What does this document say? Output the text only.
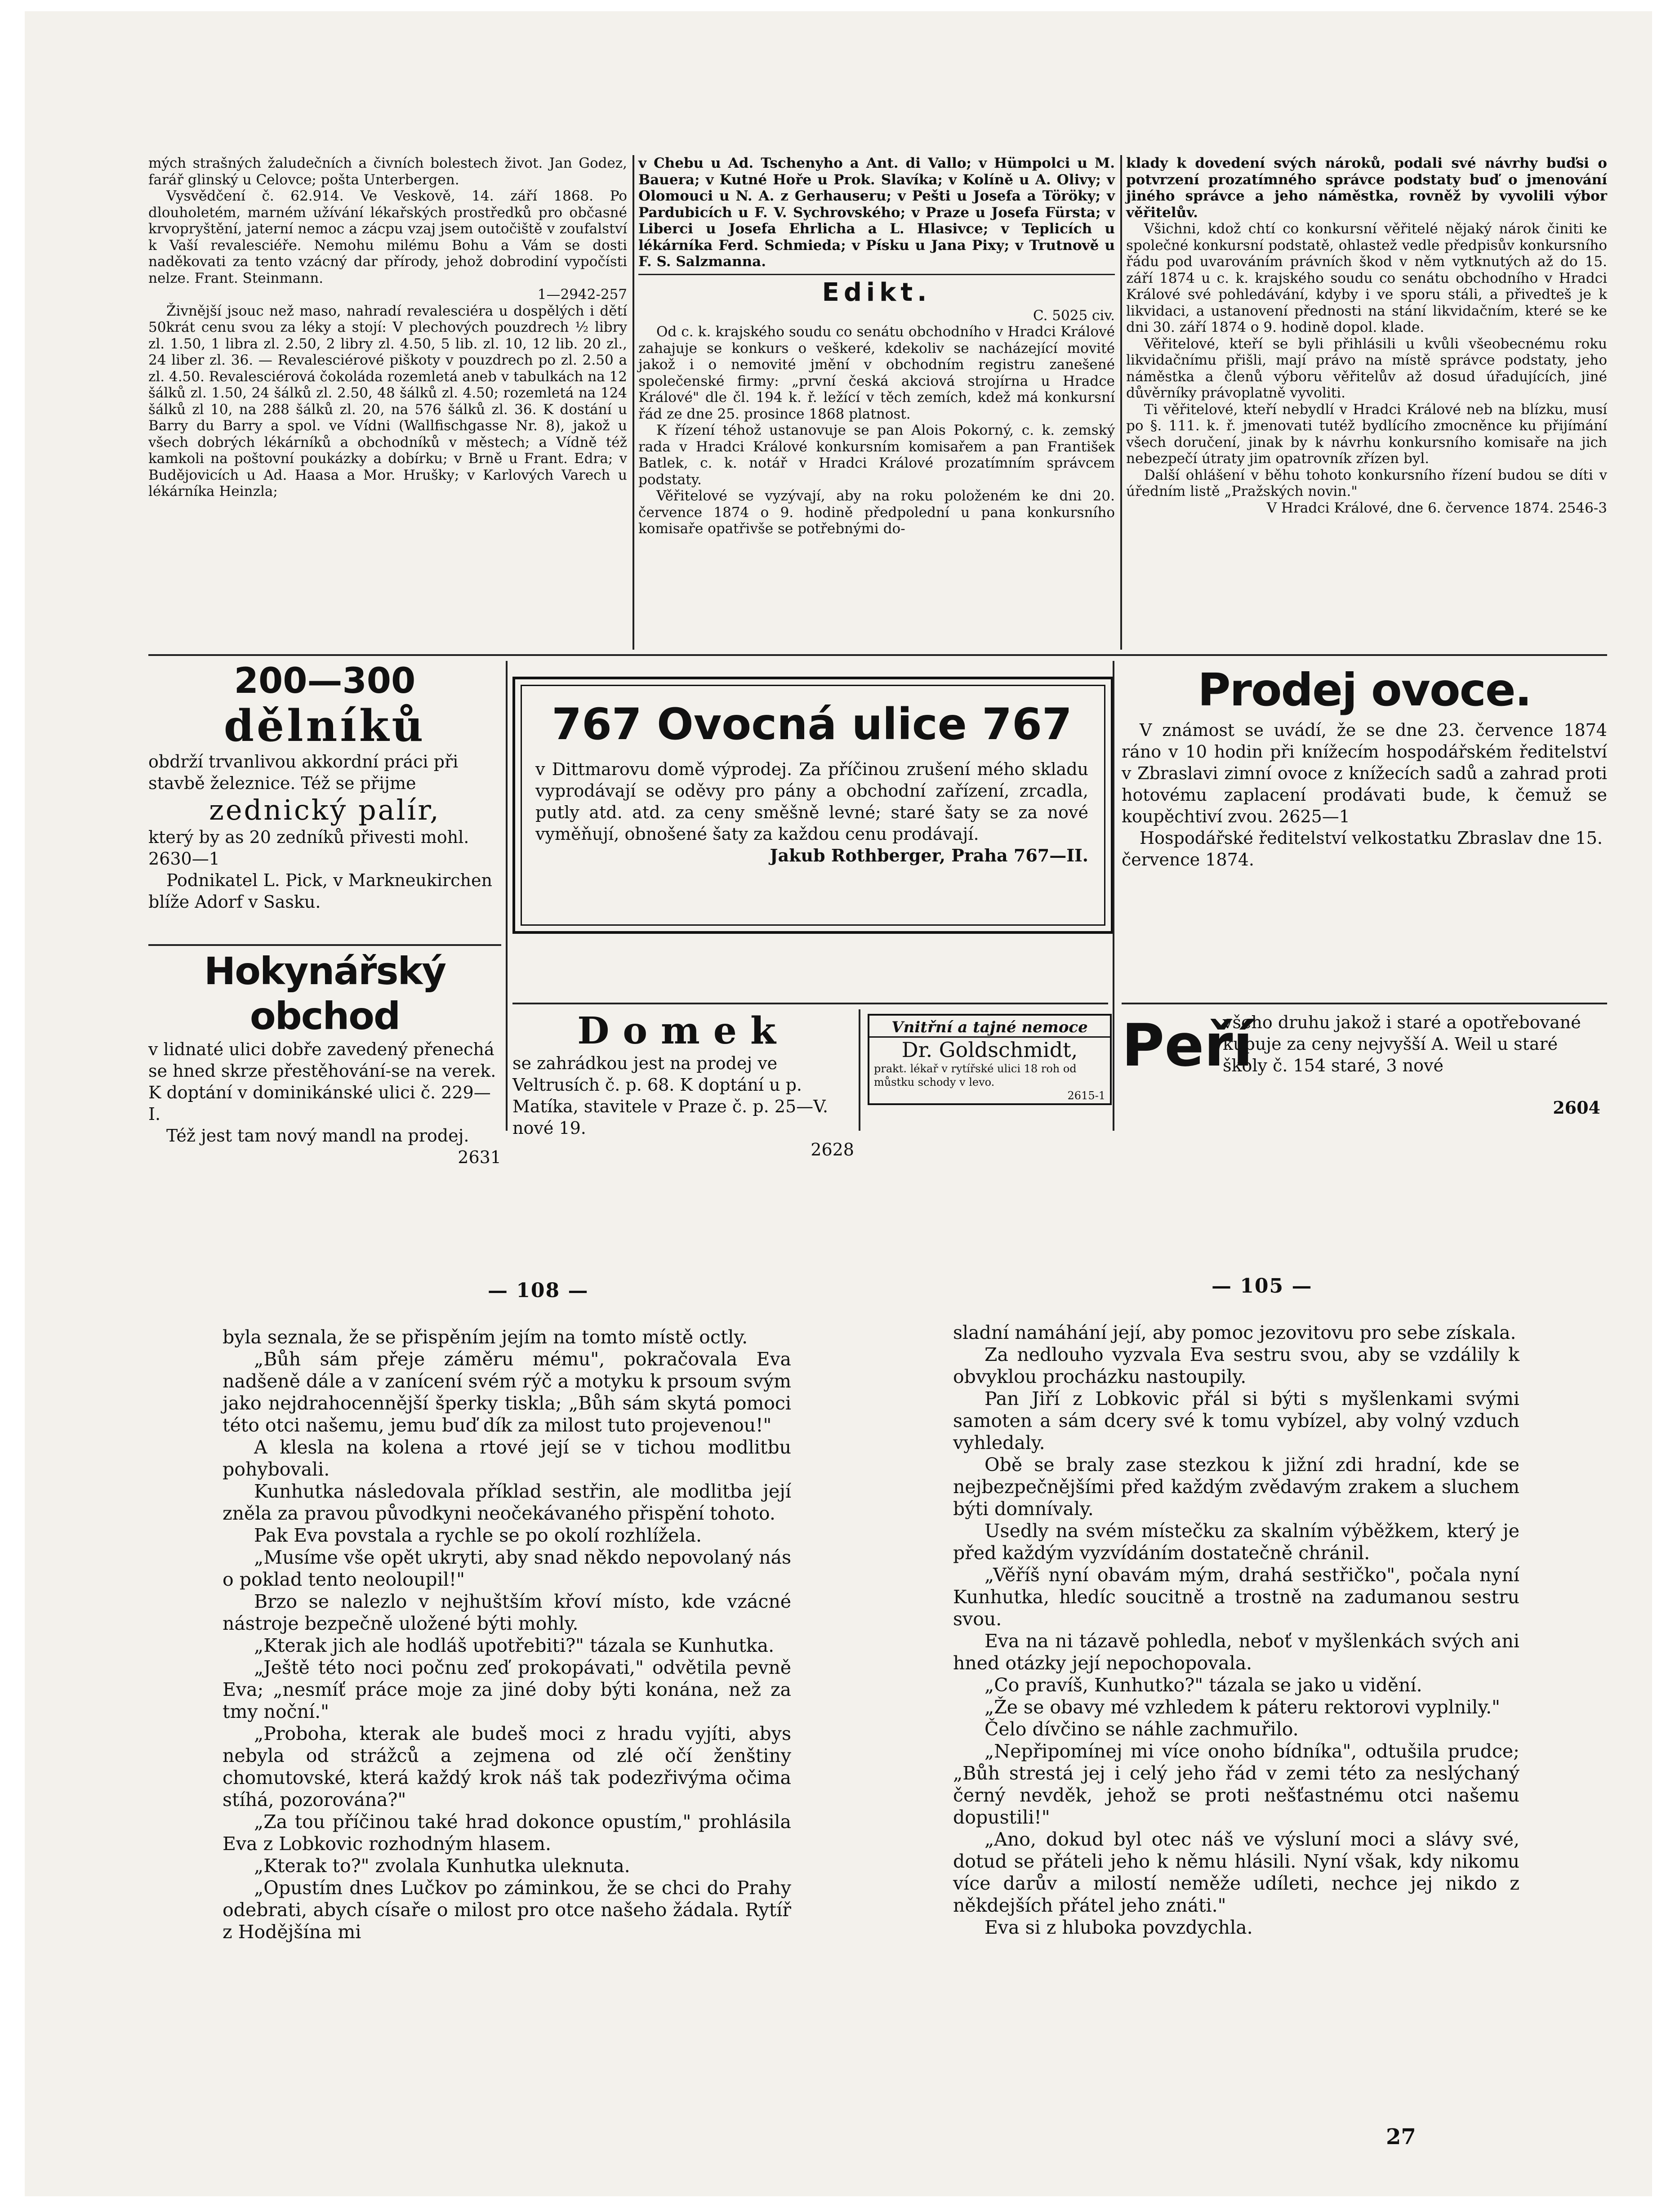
mých strašných žaludečních a čivních bolestech život. Jan Godez, farář glinský u Celovce; pošta Unterbergen.

Vysvědčení č. 62.914. Ve Veskově, 14. září 1868. Po dlouholetém, marném užívání lékařských prostředků pro občasné krvopryštění, jaterní nemoc a zácpu vzaj jsem outočiště v zoufalství k Vaší revalesciéře. Nemohu milému Bohu a Vám se dosti naděkovati za tento vzácný dar přírody, jehož dobrodiní vypočísti nelze. Frant. Steinmann.

1—2942-257

Živnější jsouc než maso, nahradí revalesciéra u dospělých i dětí 50krát cenu svou za léky a stojí: V plechových pouzdrech ½ libry zl. 1.50, 1 libra zl. 2.50, 2 libry zl. 4.50, 5 lib. zl. 10, 12 lib. 20 zl., 24 liber zl. 36. — Revalesciérové piškoty v pouzdrech po zl. 2.50 a zl. 4.50. Revalesciérová čokoláda rozemletá aneb v tabulkách na 12 šálků zl. 1.50, 24 šálků zl. 2.50, 48 šálků zl. 4.50; rozemletá na 124 šálků zl 10, na 288 šálků zl. 20, na 576 šálků zl. 36. K dostání u Barry du Barry a spol. ve Vídni (Wallfischgasse Nr. 8), jakož u všech dobrých lékárníků a obchodníků v městech; a Vídně též kamkoli na poštovní poukázky a dobírku; v Brně u Frant. Edra; v Budějovicích u Ad. Haasa a Mor. Hrušky; v Karlových Varech u lékárníka Heinzla;

v Chebu u Ad. Tschenyho a Ant. di Vallo; v Hümpolci u M. Bauera; v Kutné Hoře u Prok. Slavíka; v Kolíně u A. Olivy; v Olomouci u N. A. z Gerhauseru; v Pešti u Josefa a Töröky; v Pardubicích u F. V. Sychrovského; v Praze u Josefa Fürsta; v Liberci u Josefa Ehrlicha a L. Hlasivce; v Teplicích u lékárníka Ferd. Schmieda; v Písku u Jana Pixy; v Trutnově u F. S. Salzmanna.

Edikt.

C. 5025 civ.

Od c. k. krajského soudu co senátu obchodního v Hradci Králové zahajuje se konkurs o veškeré, kdekoliv se nacházející movité jakož i o nemovité jmění v obchodním registru zanešené společenské firmy: „první česká akciová strojírna u Hradce Králové" dle čl. 194 k. ř. ležící v těch zemích, kdež má konkursní řád ze dne 25. prosince 1868 platnost.

K řízení téhož ustanovuje se pan Alois Pokorný, c. k. zemský rada v Hradci Králové konkursním komisařem a pan František Batlek, c. k. notář v Hradci Králové prozatímním správcem podstaty.

Věřitelové se vyzývají, aby na roku položeném ke dni 20. července 1874 o 9. hodině předpolední u pana konkursního komisaře opatřivše se potřebnými do-

klady k dovedení svých nároků, podali své návrhy buďsi o potvrzení prozatímného správce podstaty buď o jmenování jiného správce a jeho náměstka, rovněž by vyvolili výbor věřitelův.

Všichni, kdož chtí co konkursní věřitelé nějaký nárok činiti ke společné konkursní podstatě, ohlastež vedle předpisův konkursního řádu pod uvarováním právních škod v něm vytknutých až do 15. září 1874 u c. k. krajského soudu co senátu obchodního v Hradci Králové své pohledávání, kdyby i ve sporu stáli, a přivedteš je k likvidaci, a ustanovení přednosti na stání likvidačním, které se ke dni 30. září 1874 o 9. hodině dopol. klade.

Věřitelové, kteří se byli přihlásili u kvůli všeobecnému roku likvidačnímu přišli, mají právo na místě správce podstaty, jeho náměstka a členů výboru věřitelův až dosud úřadujících, jiné důvěrníky právoplatně vyvoliti.

Ti věřitelové, kteří nebydlí v Hradci Králové neb na blízku, musí po §. 111. k. ř. jmenovati tutéž bydlícího zmocněnce ku přijímání všech doručení, jinak by k návrhu konkursního komisaře na jich nebezpečí útraty jim opatrovník zřízen byl.

Další ohlášení v běhu tohoto konkursního řízení budou se díti v úředním listě „Pražských novin."

V Hradci Králové, dne 6. července 1874. 2546-3

200—300

dělníků

obdrží trvanlivou akkordní práci při stavbě železnice. Též se přijme

zednický palír,

který by as 20 zedníků přivesti mohl. 2630—1

Podnikatel L. Pick, v Markneukirchen blíže Adorf v Sasku.

Hokynářský obchod

v lidnaté ulici dobře zavedený přenechá se hned skrze přestěhování-se na verek. K doptání v dominikánské ulici č. 229—I.

Též jest tam nový mandl na prodej.

2631

767 Ovocná ulice 767

v Dittmarovu domě výprodej. Za příčinou zrušení mého skladu vyprodávají se oděvy pro pány a obchodní zařízení, zrcadla, putly atd. atd. za ceny směšně levné; staré šaty se za nové vyměňují, obnošené šaty za každou cenu prodávají.

Jakub Rothberger, Praha 767—II.

Domek

se zahrádkou jest na prodej ve Veltrusích č. p. 68. K doptání u p. Matíka, stavitele v Praze č. p. 25—V. nové 19.

2628

Vnitřní a tajné nemoce

Dr. Goldschmidt,

prakt. lékař v rytířské ulici 18 roh od můstku schody v levo.

2615-1

Prodej ovoce.

V známost se uvádí, že se dne 23. července 1874 ráno v 10 hodin při knížecím hospodářském ředitelství v Zbraslavi zimní ovoce z knížecích sadů a zahrad proti hotovému zaplacení prodávati bude, k čemuž se koupěchtiví zvou. 2625—1

Hospodářské ředitelství velkostatku Zbraslav dne 15. července 1874.

Peří
všeho druhu jakož i staré a opotřebované kupuje za ceny nejvyšší A. Weil u staré školy č. 154 staré, 3 nové
2604
— 108 —	— 105 —

byla seznala, že se přispěním jejím na tomto místě octly.

„Bůh sám přeje záměru mému", pokračovala Eva nadšeně dále a v zanícení svém rýč a motyku k prsoum svým jako nejdrahocennější šperky tiskla; „Bůh sám skytá pomoci této otci našemu, jemu buď dík za milost tuto projevenou!"

A klesla na kolena a rtové její se v tichou modlitbu pohybovali.

Kunhutka následovala příklad sestřin, ale modlitba její zněla za pravou původkyni neočekávaného přispění tohoto.

Pak Eva povstala a rychle se po okolí rozhlížela.

„Musíme vše opět ukryti, aby snad někdo nepovolaný nás o poklad tento neoloupil!"

Brzo se nalezlo v nejhuštším křoví místo, kde vzácné nástroje bezpečně uložené býti mohly.

„Kterak jich ale hodláš upotřebiti?" tázala se Kunhutka.

„Ještě této noci počnu zeď prokopávati," odvětila pevně Eva; „nesmíť práce moje za jiné doby býti konána, než za tmy noční."

„Proboha, kterak ale budeš moci z hradu vyjíti, abys nebyla od strážců a zejmena od zlé očí ženštiny chomutovské, která každý krok náš tak podezřivýma očima stíhá, pozorována?"

„Za tou příčinou také hrad dokonce opustím," prohlásila Eva z Lobkovic rozhodným hlasem.

„Kterak to?" zvolala Kunhutka uleknuta.

„Opustím dnes Lučkov po záminkou, že se chci do Prahy odebrati, abych císaře o milost pro otce našeho žádala. Rytíř z Hodějšína mi

sladní namáhání její, aby pomoc jezovitovu pro sebe získala.

Za nedlouho vyzvala Eva sestru svou, aby se vzdálily k obvyklou procházku nastoupily.

Pan Jiří z Lobkovic přál si býti s myšlenkami svými samoten a sám dcery své k tomu vybízel, aby volný vzduch vyhledaly.

Obě se braly zase stezkou k jižní zdi hradní, kde se nejbezpečnějšími před každým zvědavým zrakem a sluchem býti domnívaly.

Usedly na svém místečku za skalním výběžkem, který je před každým vyzvídáním dostatečně chránil.

„Věříš nyní obavám mým, drahá sestřičko", počala nyní Kunhutka, hledíc soucitně a trostně na zadumanou sestru svou.

Eva na ni tázavě pohledla, neboť v myšlenkách svých ani hned otázky její nepochopovala.

„Co pravíš, Kunhutko?" tázala se jako u vidění.

„Že se obavy mé vzhledem k páteru rektorovi vyplnily."

Čelo dívčino se náhle zachmuřilo.

„Nepřipomínej mi více onoho bídníka", odtušila prudce; „Bůh strestá jej i celý jeho řád v zemi této za neslýchaný černý nevděk, jehož se proti nešťastnému otci našemu dopustili!"

„Ano, dokud byl otec náš ve výsluní moci a slávy své, dotud se přáteli jeho k němu hlásili. Nyní však, kdy nikomu více darův a milostí neměže udíleti, nechce jej nikdo z někdejších přátel jeho znáti."

Eva si z hluboka povzdychla.

27
